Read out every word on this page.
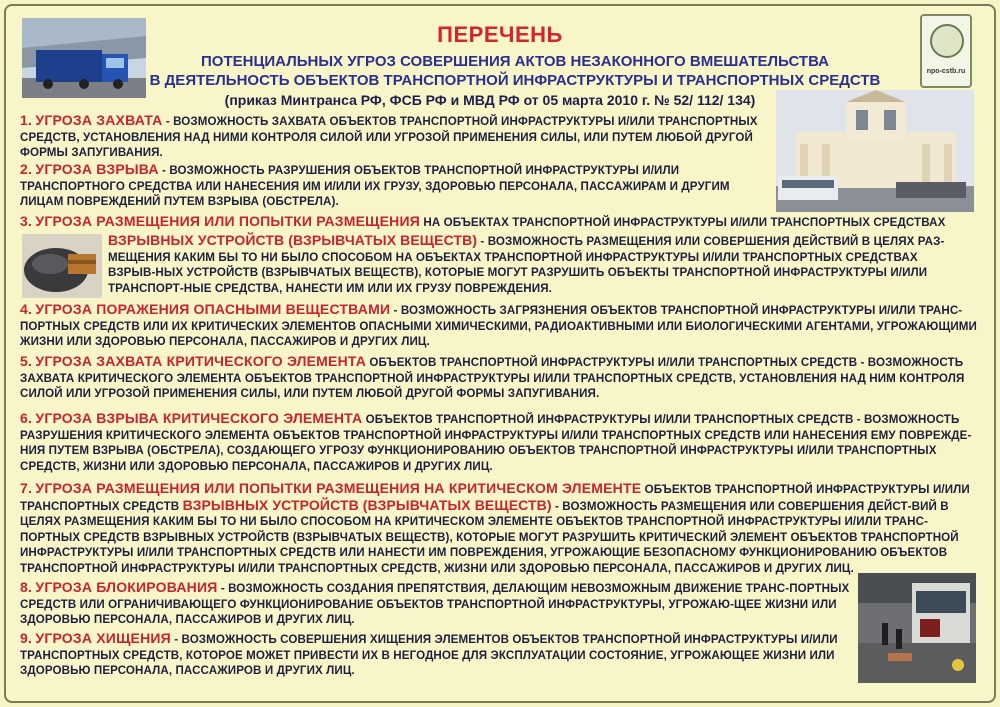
npo-cstb.ru
ПЕРЕЧЕНЬ
ПОТЕНЦИАЛЬНЫХ УГРОЗ СОВЕРШЕНИЯ АКТОВ НЕЗАКОННОГО ВМЕШАТЕЛЬСТВА
В ДЕЯТЕЛЬНОСТЬ ОБЪЕКТОВ ТРАНСПОРТНОЙ ИНФРАСТРУКТУРЫ И ТРАНСПОРТНЫХ СРЕДСТВ
(приказ Минтранса РФ, ФСБ РФ и МВД РФ от 05 марта 2010 г. № 52/ 112/ 134)
1. УГРОЗА ЗАХВАТА - ВОЗМОЖНОСТЬ ЗАХВАТА ОБЪЕКТОВ ТРАНСПОРТНОЙ ИНФРАСТРУКТУРЫ И/ИЛИ ТРАНСПОРТНЫХ СРЕДСТВ, УСТАНОВЛЕНИЯ НАД НИМИ КОНТРОЛЯ СИЛОЙ ИЛИ УГРОЗОЙ ПРИМЕНЕНИЯ СИЛЫ, ИЛИ ПУТЕМ ЛЮБОЙ ДРУГОЙ ФОРМЫ ЗАПУГИВАНИЯ.
2. УГРОЗА ВЗРЫВА - ВОЗМОЖНОСТЬ РАЗРУШЕНИЯ ОБЪЕКТОВ ТРАНСПОРТНОЙ ИНФРАСТРУКТУРЫ И/ИЛИ ТРАНСПОРТНОГО СРЕДСТВА ИЛИ НАНЕСЕНИЯ ИМ И/ИЛИ ИХ ГРУЗУ, ЗДОРОВЬЮ ПЕРСОНАЛА, ПАССАЖИРАМ И ДРУГИМ ЛИЦАМ ПОВРЕЖДЕНИЙ ПУТЕМ ВЗРЫВА (ОБСТРЕЛА).
3. УГРОЗА РАЗМЕЩЕНИЯ ИЛИ ПОПЫТКИ РАЗМЕЩЕНИЯ НА ОБЪЕКТАХ ТРАНСПОРТНОЙ ИНФРАСТРУКТУРЫ И/ИЛИ ТРАНСПОРТНЫХ СРЕДСТВАХ
ВЗРЫВНЫХ УСТРОЙСТВ (ВЗРЫВЧАТЫХ ВЕЩЕСТВ) - ВОЗМОЖНОСТЬ РАЗМЕЩЕНИЯ ИЛИ СОВЕРШЕНИЯ ДЕЙСТВИЙ В ЦЕЛЯХ РАЗ-МЕЩЕНИЯ КАКИМ БЫ ТО НИ БЫЛО СПОСОБОМ НА ОБЪЕКТАХ ТРАНСПОРТНОЙ ИНФРАСТРУКТУРЫ И/ИЛИ ТРАНСПОРТНЫХ СРЕДСТВАХ ВЗРЫВ-НЫХ УСТРОЙСТВ (ВЗРЫВЧАТЫХ ВЕЩЕСТВ), КОТОРЫЕ МОГУТ РАЗРУШИТЬ ОБЪЕКТЫ ТРАНСПОРТНОЙ ИНФРАСТРУКТУРЫ И/ИЛИ ТРАНСПОРТ-НЫЕ СРЕДСТВА, НАНЕСТИ ИМ ИЛИ ИХ ГРУЗУ ПОВРЕЖДЕНИЯ.
4. УГРОЗА ПОРАЖЕНИЯ ОПАСНЫМИ ВЕЩЕСТВАМИ - ВОЗМОЖНОСТЬ ЗАГРЯЗНЕНИЯ ОБЪЕКТОВ ТРАНСПОРТНОЙ ИНФРАСТРУКТУРЫ И/ИЛИ ТРАНС-ПОРТНЫХ СРЕДСТВ ИЛИ ИХ КРИТИЧЕСКИХ ЭЛЕМЕНТОВ ОПАСНЫМИ ХИМИЧЕСКИМИ, РАДИОАКТИВНЫМИ ИЛИ БИОЛОГИЧЕСКИМИ АГЕНТАМИ, УГРОЖАЮЩИМИ ЖИЗНИ ИЛИ ЗДОРОВЬЮ ПЕРСОНАЛА, ПАССАЖИРОВ И ДРУГИХ ЛИЦ.
5. УГРОЗА ЗАХВАТА КРИТИЧЕСКОГО ЭЛЕМЕНТА ОБЪЕКТОВ ТРАНСПОРТНОЙ ИНФРАСТРУКТУРЫ И/ИЛИ ТРАНСПОРТНЫХ СРЕДСТВ - ВОЗМОЖНОСТЬ ЗАХВАТА КРИТИЧЕСКОГО ЭЛЕМЕНТА ОБЪЕКТОВ ТРАНСПОРТНОЙ ИНФРАСТРУКТУРЫ И/ИЛИ ТРАНСПОРТНЫХ СРЕДСТВ, УСТАНОВЛЕНИЯ НАД НИМ КОНТРОЛЯ СИЛОЙ ИЛИ УГРОЗОЙ ПРИМЕНЕНИЯ СИЛЫ, ИЛИ ПУТЕМ ЛЮБОЙ ДРУГОЙ ФОРМЫ ЗАПУГИВАНИЯ.
6. УГРОЗА ВЗРЫВА КРИТИЧЕСКОГО ЭЛЕМЕНТА ОБЪЕКТОВ ТРАНСПОРТНОЙ ИНФРАСТРУКТУРЫ И/ИЛИ ТРАНСПОРТНЫХ СРЕДСТВ - ВОЗМОЖНОСТЬ РАЗРУШЕНИЯ КРИТИЧЕСКОГО ЭЛЕМЕНТА ОБЪЕКТОВ ТРАНСПОРТНОЙ ИНФРАСТРУКТУРЫ И/ИЛИ ТРАНСПОРТНЫХ СРЕДСТВ ИЛИ НАНЕСЕНИЯ ЕМУ ПОВРЕЖДЕ-НИЯ ПУТЕМ ВЗРЫВА (ОБСТРЕЛА), СОЗДАЮЩЕГО УГРОЗУ ФУНКЦИОНИРОВАНИЮ ОБЪЕКТОВ ТРАНСПОРТНОЙ ИНФРАСТРУКТУРЫ И/ИЛИ ТРАНСПОРТНЫХ СРЕДСТВ, ЖИЗНИ ИЛИ ЗДОРОВЬЮ ПЕРСОНАЛА, ПАССАЖИРОВ И ДРУГИХ ЛИЦ.
7. УГРОЗА РАЗМЕЩЕНИЯ ИЛИ ПОПЫТКИ РАЗМЕЩЕНИЯ НА КРИТИЧЕСКОМ ЭЛЕМЕНТЕ ОБЪЕКТОВ ТРАНСПОРТНОЙ ИНФРАСТРУКТУРЫ И/ИЛИ ТРАНСПОРТНЫХ СРЕДСТВ ВЗРЫВНЫХ УСТРОЙСТВ (ВЗРЫВЧАТЫХ ВЕЩЕСТВ) - ВОЗМОЖНОСТЬ РАЗМЕЩЕНИЯ ИЛИ СОВЕРШЕНИЯ ДЕЙСТ-ВИЙ В ЦЕЛЯХ РАЗМЕЩЕНИЯ КАКИМ БЫ ТО НИ БЫЛО СПОСОБОМ НА КРИТИЧЕСКОМ ЭЛЕМЕНТЕ ОБЪЕКТОВ ТРАНСПОРТНОЙ ИНФРАСТРУКТУРЫ И/ИЛИ ТРАНС-ПОРТНЫХ СРЕДСТВ ВЗРЫВНЫХ УСТРОЙСТВ (ВЗРЫВЧАТЫХ ВЕЩЕСТВ), КОТОРЫЕ МОГУТ РАЗРУШИТЬ КРИТИЧЕСКИЙ ЭЛЕМЕНТ ОБЪЕКТОВ ТРАНСПОРТНОЙ ИНФРАСТРУКТУРЫ И/ИЛИ ТРАНСПОРТНЫХ СРЕДСТВ ИЛИ НАНЕСТИ ИМ ПОВРЕЖДЕНИЯ, УГРОЖАЮЩИЕ БЕЗОПАСНОМУ ФУНКЦИОНИРОВАНИЮ ОБЪЕКТОВ ТРАНСПОРТНОЙ ИНФРАСТРУКТУРЫ И/ИЛИ ТРАНСПОРТНЫХ СРЕДСТВ, ЖИЗНИ ИЛИ ЗДОРОВЬЮ ПЕРСОНАЛА, ПАССАЖИРОВ И ДРУГИХ ЛИЦ.
8. УГРОЗА БЛОКИРОВАНИЯ - ВОЗМОЖНОСТЬ СОЗДАНИЯ ПРЕПЯТСТВИЯ, ДЕЛАЮЩИМ НЕВОЗМОЖНЫМ ДВИЖЕНИЕ ТРАНС-ПОРТНЫХ СРЕДСТВ ИЛИ ОГРАНИЧИВАЮЩЕГО ФУНКЦИОНИРОВАНИЕ ОБЪЕКТОВ ТРАНСПОРТНОЙ ИНФРАСТРУКТУРЫ, УГРОЖАЮ-ЩЕЕ ЖИЗНИ ИЛИ ЗДОРОВЬЮ ПЕРСОНАЛА, ПАССАЖИРОВ И ДРУГИХ ЛИЦ.
9. УГРОЗА ХИЩЕНИЯ - ВОЗМОЖНОСТЬ СОВЕРШЕНИЯ ХИЩЕНИЯ ЭЛЕМЕНТОВ ОБЪЕКТОВ ТРАНСПОРТНОЙ ИНФРАСТРУКТУРЫ И/ИЛИ ТРАНСПОРТНЫХ СРЕДСТВ, КОТОРОЕ МОЖЕТ ПРИВЕСТИ ИХ В НЕГОДНОЕ ДЛЯ ЭКСПЛУАТАЦИИ СОСТОЯНИЕ, УГРОЖАЮЩЕЕ ЖИЗНИ ИЛИ ЗДОРОВЬЮ ПЕРСОНАЛА, ПАССАЖИРОВ И ДРУГИХ ЛИЦ.
